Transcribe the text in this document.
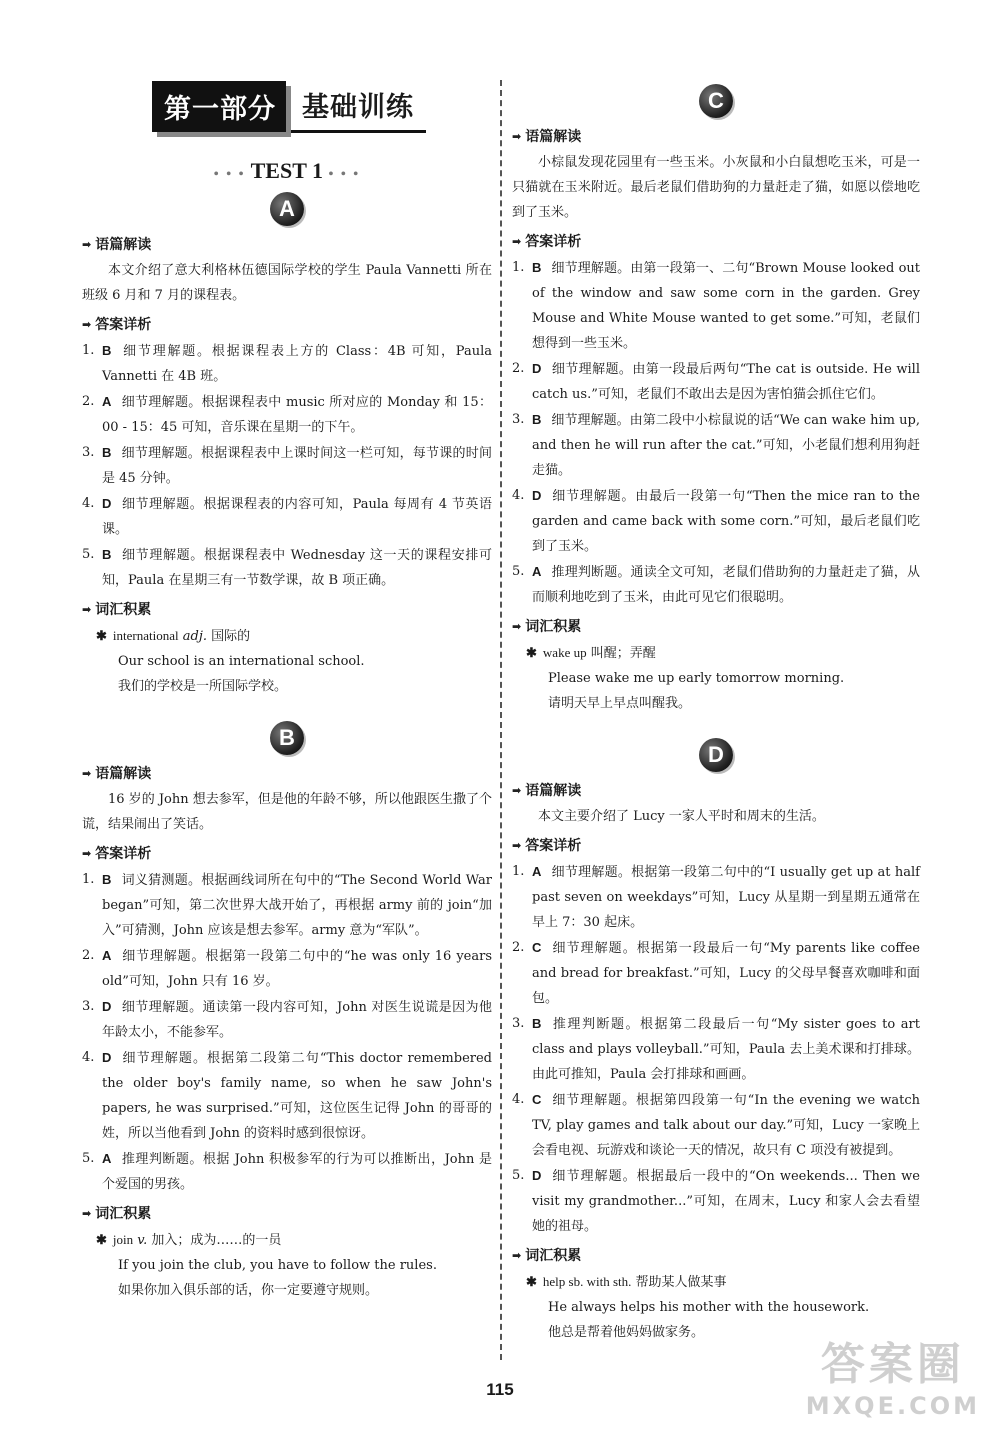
第一部分 基础训练
• • • TEST 1 • • •
A
➡ 语篇解读
本文介绍了意大利格林伍德国际学校的学生 Paula Vannetti 所在班级 6 月和 7 月的课程表。
➡ 答案详析
1. B 细节理解题。根据课程表上方的 Class：4B 可知，Paula Vannetti 在 4B 班。
2. A 细节理解题。根据课程表中 music 所对应的 Monday 和 15：00 - 15：45 可知，音乐课在星期一的下午。
3. B 细节理解题。根据课程表中上课时间这一栏可知，每节课的时间是 45 分钟。
4. D 细节理解题。根据课程表的内容可知，Paula 每周有 4 节英语课。
5. B 细节理解题。根据课程表中 Wednesday 这一天的课程安排可知，Paula 在星期三有一节数学课，故 B 项正确。
➡ 词汇积累
✱ international adj. 国际的
Our school is an international school.
我们的学校是一所国际学校。
B
➡ 语篇解读
16 岁的 John 想去参军，但是他的年龄不够，所以他跟医生撒了个谎，结果闹出了笑话。
➡ 答案详析
1. B 词义猜测题。根据画线词所在句中的“The Second World War began”可知，第二次世界大战开始了，再根据 army 前的 join“加入”可猜测，John 应该是想去参军。army 意为“军队”。
2. A 细节理解题。根据第一段第二句中的“he was only 16 years old”可知，John 只有 16 岁。
3. D 细节理解题。通读第一段内容可知，John 对医生说谎是因为他年龄太小，不能参军。
4. D 细节理解题。根据第二段第二句“This doctor remembered the older boy's family name, so when he saw John's papers, he was surprised.”可知，这位医生记得 John 的哥哥的姓，所以当他看到 John 的资料时感到很惊讶。
5. A 推理判断题。根据 John 积极参军的行为可以推断出，John 是个爱国的男孩。
➡ 词汇积累
✱ join v. 加入；成为……的一员
If you join the club, you have to follow the rules.
如果你加入俱乐部的话，你一定要遵守规则。
C
➡ 语篇解读
小棕鼠发现花园里有一些玉米。小灰鼠和小白鼠想吃玉米，可是一只猫就在玉米附近。最后老鼠们借助狗的力量赶走了猫，如愿以偿地吃到了玉米。
➡ 答案详析
1. B 细节理解题。由第一段第一、二句“Brown Mouse looked out of the window and saw some corn in the garden. Grey Mouse and White Mouse wanted to get some.”可知，老鼠们想得到一些玉米。
2. D 细节理解题。由第一段最后两句“The cat is outside. He will catch us.”可知，老鼠们不敢出去是因为害怕猫会抓住它们。
3. B 细节理解题。由第二段中小棕鼠说的话“We can wake him up, and then he will run after the cat.”可知，小老鼠们想利用狗赶走猫。
4. D 细节理解题。由最后一段第一句“Then the mice ran to the garden and came back with some corn.”可知，最后老鼠们吃到了玉米。
5. A 推理判断题。通读全文可知，老鼠们借助狗的力量赶走了猫，从而顺利地吃到了玉米，由此可见它们很聪明。
➡ 词汇积累
✱ wake up 叫醒；弄醒
Please wake me up early tomorrow morning.
请明天早上早点叫醒我。
D
➡ 语篇解读
本文主要介绍了 Lucy 一家人平时和周末的生活。
➡ 答案详析
1. A 细节理解题。根据第一段第二句中的“I usually get up at half past seven on weekdays”可知，Lucy 从星期一到星期五通常在早上 7：30 起床。
2. C 细节理解题。根据第一段最后一句“My parents like coffee and bread for breakfast.”可知，Lucy 的父母早餐喜欢咖啡和面包。
3. B 推理判断题。根据第二段最后一句“My sister goes to art class and plays volleyball.”可知，Paula 去上美术课和打排球。由此可推知，Paula 会打排球和画画。
4. C 细节理解题。根据第四段第一句“In the evening we watch TV, play games and talk about our day.”可知，Lucy 一家晚上会看电视、玩游戏和谈论一天的情况，故只有 C 项没有被提到。
5. D 细节理解题。根据最后一段中的“On weekends... Then we visit my grandmother...”可知，在周末，Lucy 和家人会去看望她的祖母。
➡ 词汇积累
✱ help sb. with sth. 帮助某人做某事
He always helps his mother with the housework.
他总是帮着他妈妈做家务。
115	答案圈
MXQE.COM
